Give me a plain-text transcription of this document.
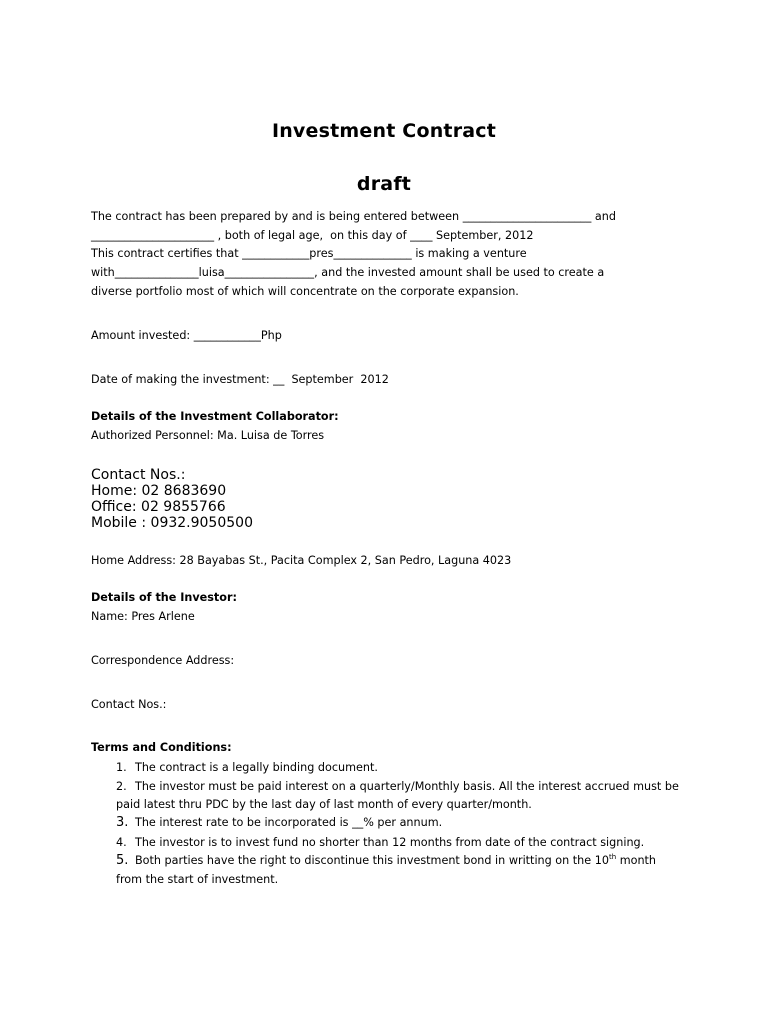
Investment Contract
draft
The contract has been prepared by and is being entered between _______________________ and
______________________ , both of legal age,  on this day of ____ September, 2012
This contract certifies that ____________pres______________ is making a venture
with_______________luisa________________, and the invested amount shall be used to create a
diverse portfolio most of which will concentrate on the corporate expansion.
Amount invested: ____________Php
Date of making the investment: __  September  2012
Details of the Investment Collaborator:
Authorized Personnel: Ma. Luisa de Torres
Contact Nos.:
Home: 02 8683690
Office: 02 9855766
Mobile : 0932.9050500
Home Address: 28 Bayabas St., Pacita Complex 2, San Pedro, Laguna 4023
Details of the Investor:
Name: Pres Arlene
Correspondence Address:
Contact Nos.:
Terms and Conditions:
1. The contract is a legally binding document.
2. The investor must be paid interest on a quarterly/Monthly basis. All the interest accrued must be
paid latest thru PDC by the last day of last month of every quarter/month.
3. The interest rate to be incorporated is __% per annum.
4. The investor is to invest fund no shorter than 12 months from date of the contract signing.
5. Both parties have the right to discontinue this investment bond in writting on the 10th month
from the start of investment.
